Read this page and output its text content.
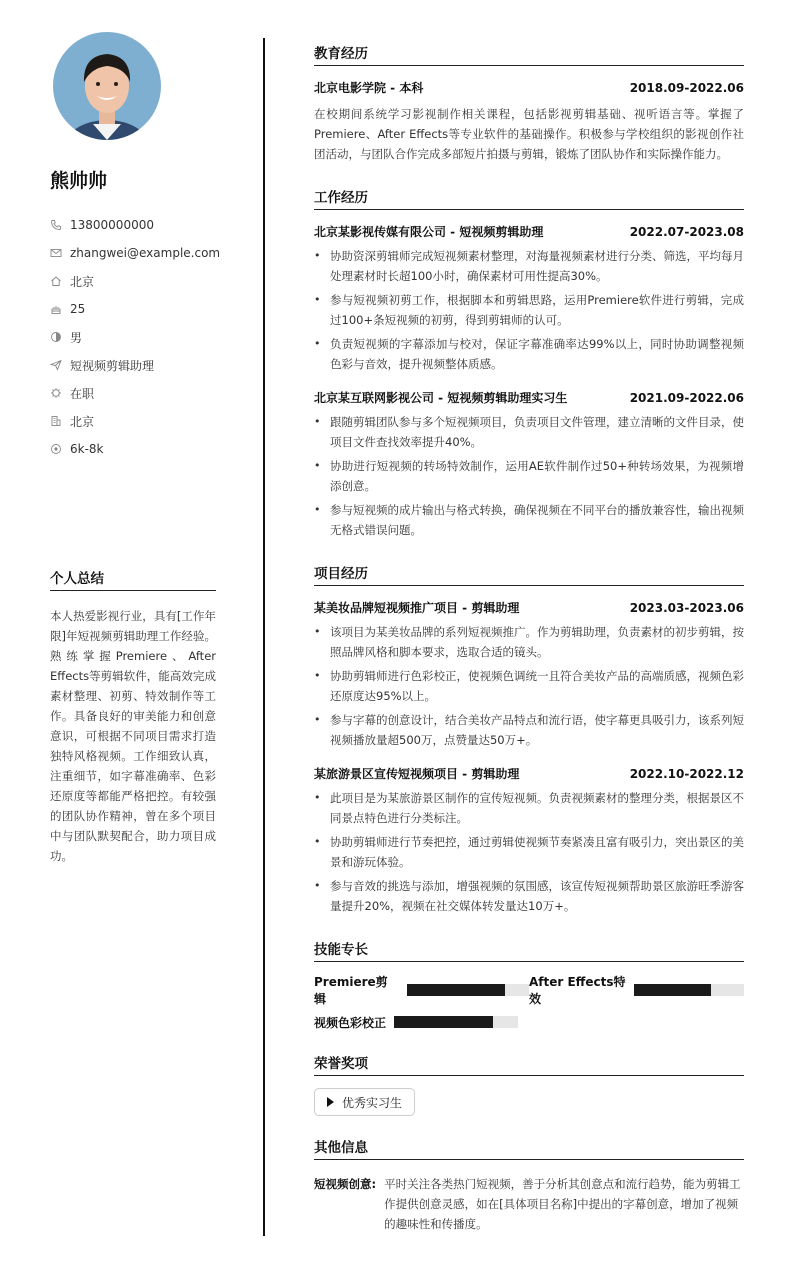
熊帅帅
13800000000
zhangwei@example.com
北京
25
男
短视频剪辑助理
在职
北京
6k-8k
个人总结

本人热爱影视行业，具有[工作年限]年短视频剪辑助理工作经验。熟练掌握Premiere、After Effects等剪辑软件，能高效完成素材整理、初剪、特效制作等工作。具备良好的审美能力和创意意识，可根据不同项目需求打造独特风格视频。工作细致认真，注重细节，如字幕准确率、色彩还原度等都能严格把控。有较强的团队协作精神，曾在多个项目中与团队默契配合，助力项目成功。

教育经历
北京电影学院 - 本科	2018.09-2022.06
在校期间系统学习影视制作相关课程，包括影视剪辑基础、视听语言等。掌握了Premiere、After Effects等专业软件的基础操作。积极参与学校组织的影视创作社团活动，与团队合作完成多部短片拍摄与剪辑，锻炼了团队协作和实际操作能力。
工作经历
北京某影视传媒有限公司 - 短视频剪辑助理	2022.07-2023.08
• 协助资深剪辑师完成短视频素材整理，对海量视频素材进行分类、筛选，平均每月处理素材时长超100小时，确保素材可用性提高30%。
• 参与短视频初剪工作，根据脚本和剪辑思路，运用Premiere软件进行剪辑，完成过100+条短视频的初剪，得到剪辑师的认可。
• 负责短视频的字幕添加与校对，保证字幕准确率达99%以上，同时协助调整视频色彩与音效，提升视频整体质感。
北京某互联网影视公司 - 短视频剪辑助理实习生	2021.09-2022.06
• 跟随剪辑团队参与多个短视频项目，负责项目文件管理，建立清晰的文件目录，使项目文件查找效率提升40%。
• 协助进行短视频的转场特效制作，运用AE软件制作过50+种转场效果，为视频增添创意。
• 参与短视频的成片输出与格式转换，确保视频在不同平台的播放兼容性，输出视频无格式错误问题。
项目经历
某美妆品牌短视频推广项目 - 剪辑助理	2023.03-2023.06
• 该项目为某美妆品牌的系列短视频推广。作为剪辑助理，负责素材的初步剪辑，按照品牌风格和脚本要求，选取合适的镜头。
• 协助剪辑师进行色彩校正，使视频色调统一且符合美妆产品的高端质感，视频色彩还原度达95%以上。
• 参与字幕的创意设计，结合美妆产品特点和流行语，使字幕更具吸引力，该系列短视频播放量超500万，点赞量达50万+。
某旅游景区宣传短视频项目 - 剪辑助理	2022.10-2022.12
• 此项目是为某旅游景区制作的宣传短视频。负责视频素材的整理分类，根据景区不同景点特色进行分类标注。
• 协助剪辑师进行节奏把控，通过剪辑使视频节奏紧凑且富有吸引力，突出景区的美景和游玩体验。
• 参与音效的挑选与添加，增强视频的氛围感，该宣传短视频帮助景区旅游旺季游客量提升20%，视频在社交媒体转发量达10万+。
技能专长
Premiere剪辑
After Effects特效
视频色彩校正
荣誉奖项
优秀实习生
其他信息
短视频创意: 平时关注各类热门短视频，善于分析其创意点和流行趋势，能为剪辑工作提供创意灵感，如在[具体项目名称]中提出的字幕创意，增加了视频的趣味性和传播度。
